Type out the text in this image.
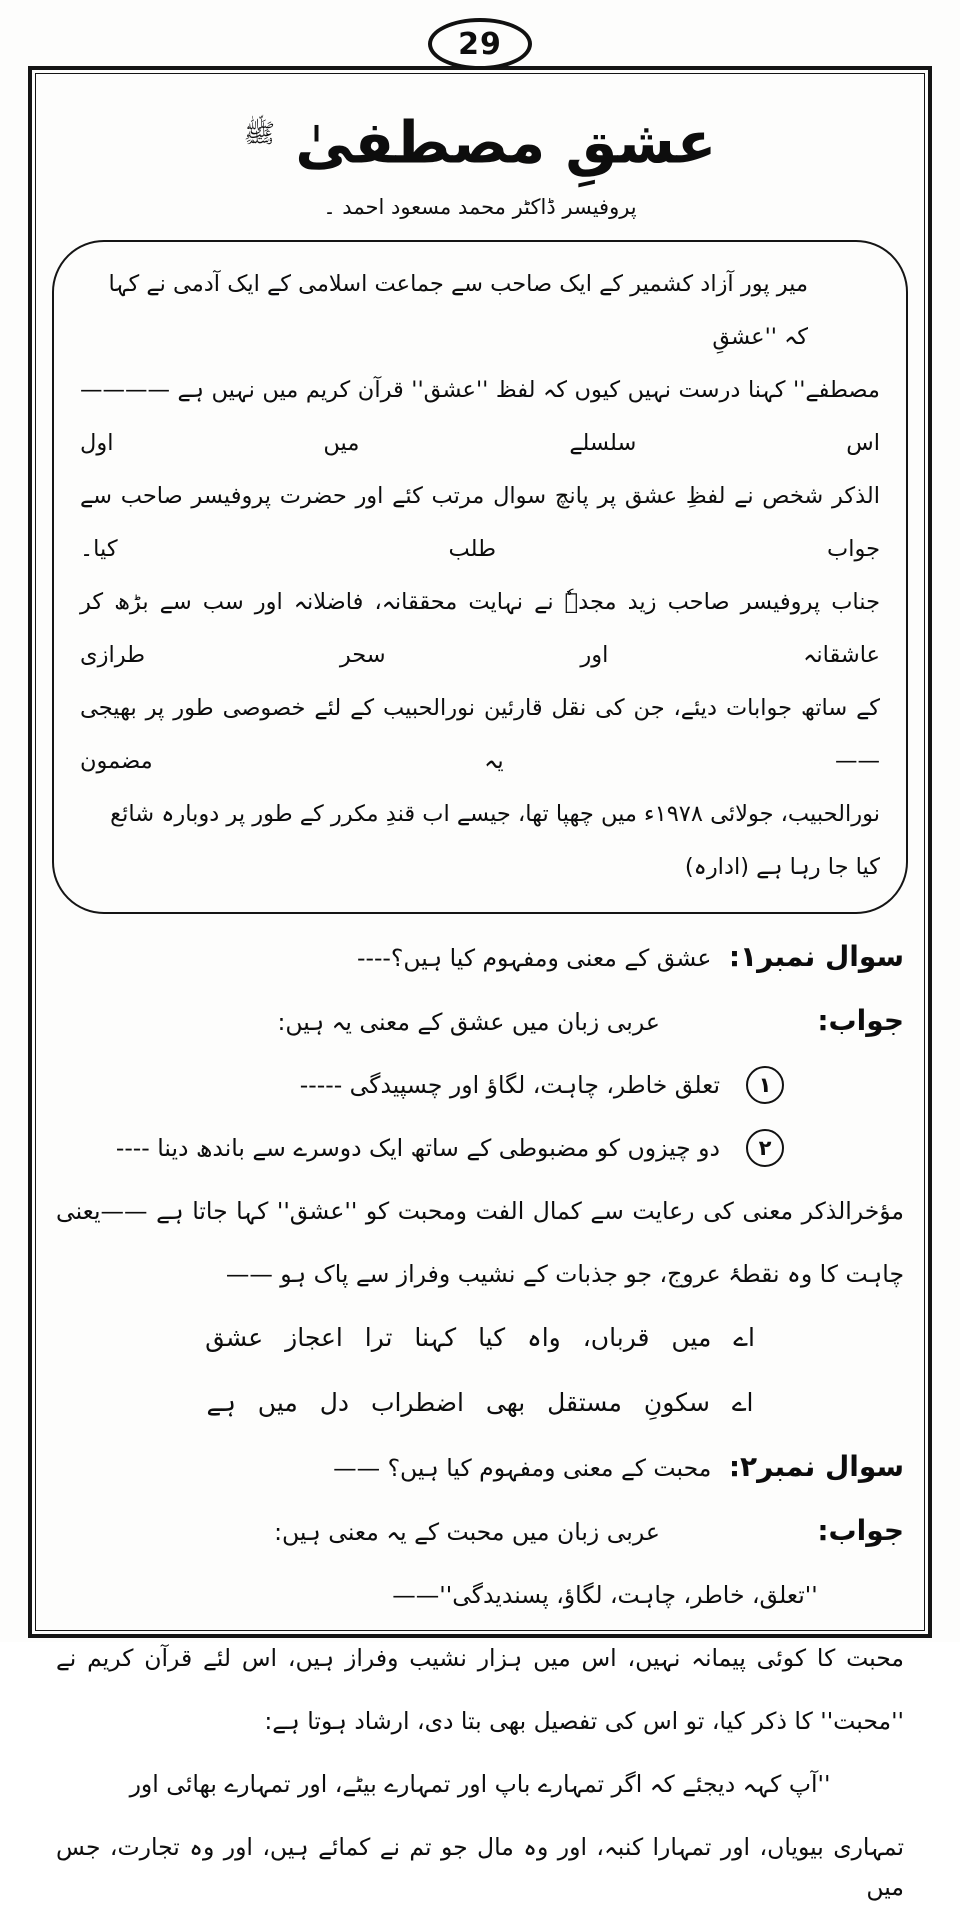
29
عشقِ مصطفیٰ $^ﷺ$
پروفیسر ڈاکٹر محمد مسعود احمد ۔
میر پور آزاد کشمیر کے ایک صاحب سے جماعت اسلامی کے ایک آدمی نے کہا کہ ''عشقِ
مصطفے'' کہنا درست نہیں کیوں کہ لفظ ''عشق'' قرآن کریم میں نہیں ہے ———— اس سلسلے میں اول
الذکر شخص نے لفظِ عشق پر پانچ سوال مرتب کئے اور حضرت پروفیسر صاحب سے جواب طلب کیا۔
جناب پروفیسر صاحب زید مجدہٗ نے نہایت محققانہ، فاضلانہ اور سب سے بڑھ کر عاشقانہ اور سحر طرازی
کے ساتھ جوابات دیئے، جن کی نقل قارئین نورالحبیب کے لئے خصوصی طور پر بھیجی —— یہ مضمون
نورالحبیب، جولائی ۱۹۷۸ء میں چھپا تھا، جیسے اب قندِ مکرر کے طور پر دوبارہ شائع کیا جا رہا ہے (ادارہ)
سوال نمبر۱: عشق کے معنی ومفہوم کیا ہیں؟----
جواب: عربی زبان میں عشق کے معنی یہ ہیں:
۱
تعلق خاطر، چاہت، لگاؤ اور چسپیدگی -----
۲
دو چیزوں کو مضبوطی کے ساتھ ایک دوسرے سے باندھ دینا ----
مؤخرالذکر معنی کی رعایت سے کمال الفت ومحبت کو ''عشق'' کہا جاتا ہے ——یعنی
چاہت کا وہ نقطۂ عروج، جو جذبات کے نشیب وفراز سے پاک ہو ——
اے میں قرباں، واہ کیا کہنا ترا اعجاز عشق
اے سکونِ مستقل بھی اضطراب دل میں ہے
سوال نمبر۲: محبت کے معنی ومفہوم کیا ہیں؟ ——
جواب: عربی زبان میں محبت کے یہ معنی ہیں:
''تعلق، خاطر، چاہت، لگاؤ، پسندیدگی''——
محبت کا کوئی پیمانہ نہیں، اس میں ہزار نشیب وفراز ہیں، اس لئے قرآن کریم نے
''محبت'' کا ذکر کیا، تو اس کی تفصیل بھی بتا دی، ارشاد ہوتا ہے:
''آپ کہہ دیجئے کہ اگر تمہارے باپ اور تمہارے بیٹے، اور تمہارے بھائی اور
تمہاری بیویاں، اور تمہارا کنبہ، اور وہ مال جو تم نے کمائے ہیں، اور وہ تجارت، جس میں
